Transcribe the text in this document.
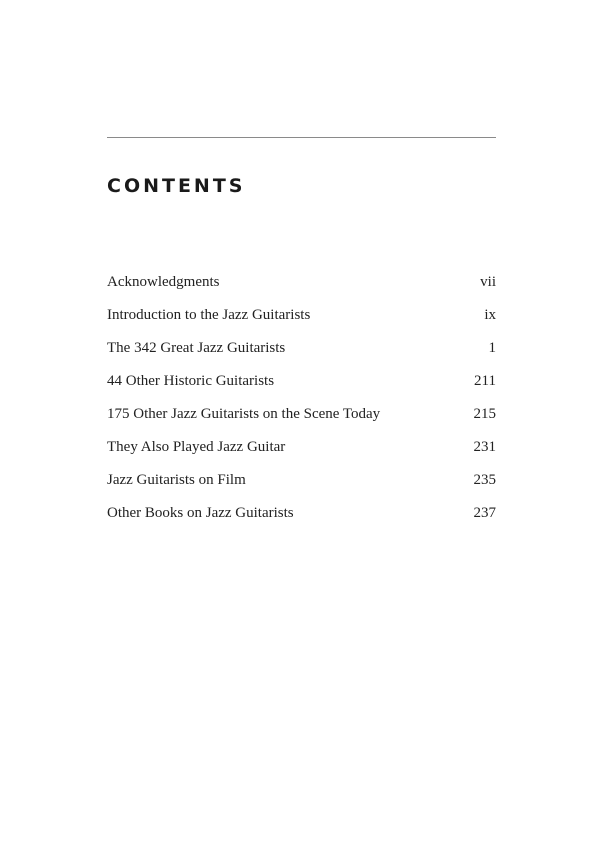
CONTENTS
Acknowledgments	vii
Introduction to the Jazz Guitarists	ix
The 342 Great Jazz Guitarists	1
44 Other Historic Guitarists	211
175 Other Jazz Guitarists on the Scene Today	215
They Also Played Jazz Guitar	231
Jazz Guitarists on Film	235
Other Books on Jazz Guitarists	237
